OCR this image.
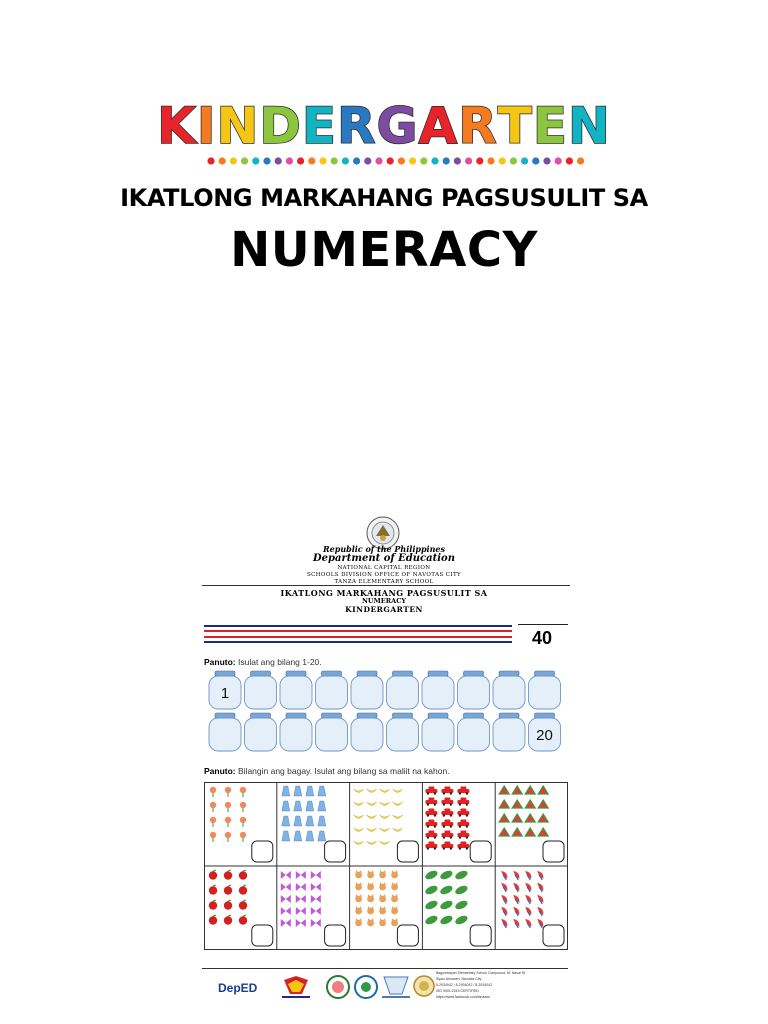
KINDERGARTEN
IKATLONG MARKAHANG PAGSUSULIT SA
NUMERACY
Republic of the Philippines
Department of Education
NATIONAL CAPITAL REGION
SCHOOLS DIVISION OFFICE OF NAVOTAS CITY
TANZA ELEMENTARY SCHOOL
IKATLONG MARKAHANG PAGSUSULIT SA
NUMERACY
KINDERGARTEN
40
Panuto: Isulat ang bilang 1-20.
1
20
Panuto: Bilangin ang bagay. Isulat ang bilang sa maliit na kahon.
DepED
Bagumbayan Elementary School Compound, M. Naval St.
Sipac-Almacen, Navotas City
8-2934042 / 8-2934042 / 8-2934042
ISO 9001:2015 CERTIFIED
https://www.facebook.com/tanzaes
